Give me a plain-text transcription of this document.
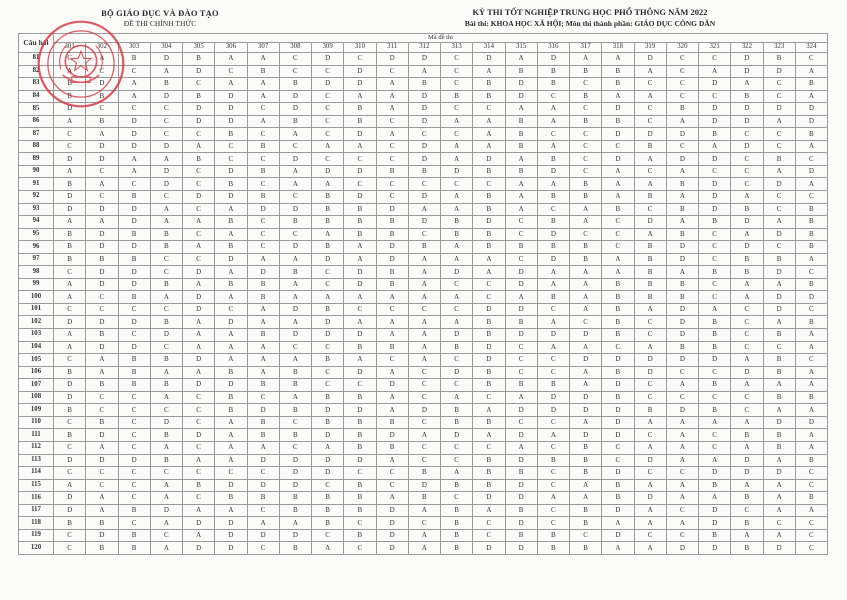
BỘ GIÁO DỤC VÀ ĐÀO TẠO
ĐỀ THI CHÍNH THỨC
KỲ THI TỐT NGHIỆP TRUNG HỌC PHỔ THÔNG NĂM 2022
Bài thi: KHOA HỌC XÃ HỘI; Môn thi thành phần: GIÁO DỤC CÔNG DÂN
Câu hỏi	Mã đề thi																							
	301	302	303	304	305	306	307	308	309	310	311	312	313	314	315	316	317	318	319	320	321	322	323	324
81	C	A	B	D	B	A	A	C	D	C	D	D	C	D	A	D	A	A	D	C	C	D	B	C
82	A	C	C	A	D	C	B	C	C	D	C	A	C	A	B	B	B	B	A	C	A	D	D	A
83	B	D	A	B	C	A	A	B	D	D	A	B	C	B	D	B	C	B	C	C	D	A	C	B
84	B	B	A	D	B	D	A	D	C	A	A	D	B	B	D	C	B	A	A	C	C	B	C	A
85	D	C	C	C	D	D	C	D	C	B	A	D	C	C	A	A	C	D	C	B	D	D	D	D
86	A	B	D	C	D	D	A	B	C	B	C	D	A	A	B	A	B	B	C	A	D	D	A	D
87	C	A	D	C	C	B	C	A	C	D	A	C	C	A	B	C	C	D	D	D	B	C	C	B
88	C	D	D	D	A	C	B	C	A	A	C	D	A	A	B	A	C	C	B	C	A	D	C	A
89	D	D	A	A	B	C	C	D	C	C	C	D	A	D	A	B	C	D	A	D	D	C	B	C
90	A	C	A	D	C	D	B	A	D	D	B	B	D	B	B	D	C	A	C	A	C	C	A	D
91	B	A	C	D	C	B	C	A	A	C	C	C	C	C	A	A	B	A	A	B	D	C	D	A
92	D	C	B	C	D	D	B	C	B	D	C	D	A	B	A	B	B	A	B	A	D	A	C	C
93	D	D	D	A	C	A	D	D	B	B	D	A	A	B	A	C	A	B	C	B	D	B	C	B
94	A	A	D	A	A	B	C	B	B	B	B	D	B	D	C	B	A	C	D	A	B	D	A	B
95	B	D	B	B	C	A	C	C	A	B	B	C	B	B	C	D	C	C	A	B	C	A	D	B
96	B	D	D	B	A	B	C	D	B	A	D	B	A	B	B	B	B	C	B	D	C	D	C	B
97	B	B	B	C	C	D	A	A	D	A	D	A	A	A	C	D	B	A	B	D	C	B	B	A
98	C	D	D	C	D	A	D	B	C	D	B	A	D	A	D	A	A	A	B	A	B	B	D	C
99	A	D	D	B	A	B	B	A	C	D	B	A	C	C	D	A	A	B	B	B	C	A	A	B
100	A	C	B	A	D	A	B	A	A	A	A	A	A	C	A	B	A	B	B	B	C	A	D	D
101	C	C	C	C	D	C	A	D	B	C	C	C	C	D	D	C	A	B	A	D	A	C	D	C
102	D	D	D	B	A	D	A	A	D	A	A	A	A	B	B	A	C	B	C	D	B	C	A	B
103	A	B	C	D	A	A	B	D	D	D	A	A	D	B	D	D	D	B	C	D	B	C	B	A
104	A	D	D	C	A	A	A	C	C	B	B	A	B	D	C	A	A	C	A	B	B	C	C	A
105	C	A	B	B	D	A	A	A	B	A	C	A	C	D	C	C	D	D	D	D	D	A	B	C
106	B	A	B	A	A	B	A	B	C	D	A	C	D	B	C	C	A	B	D	C	C	D	B	A
107	D	B	B	B	D	D	B	B	C	C	D	C	C	B	B	B	A	D	C	A	B	A	A	A
108	D	C	C	A	C	B	C	A	B	B	A	C	A	C	A	D	D	B	C	C	C	C	B	B
109	B	C	C	C	C	B	D	B	D	D	A	D	B	A	D	D	D	D	B	D	B	C	A	A
110	C	B	C	D	C	A	B	C	B	B	B	C	B	B	C	C	A	D	A	A	A	A	D	D
111	B	D	C	B	D	A	B	B	D	B	D	A	D	A	D	A	D	D	C	A	C	B	B	A
112	C	A	C	A	C	A	A	C	A	B	B	C	C	C	A	C	B	C	A	A	C	A	B	A
113	D	D	D	B	A	A	D	D	D	D	A	C	C	B	D	B	B	C	D	A	A	D	A	B
114	C	C	C	C	C	C	C	D	D	C	C	B	A	B	B	C	B	D	C	C	D	D	D	C
115	A	C	C	A	B	D	D	D	C	B	C	D	B	B	D	C	A	B	A	A	B	A	A	C
116	D	A	C	A	C	B	B	B	B	B	A	B	C	D	D	A	A	B	D	A	A	B	A	B
117	D	A	B	D	A	A	C	B	B	B	D	A	B	A	B	C	B	D	A	C	D	C	A	A
118	B	B	C	A	D	D	A	A	B	C	D	C	B	C	D	C	B	A	A	A	D	B	C	C
119	C	D	B	C	A	D	D	D	C	B	D	A	B	C	B	B	C	D	C	C	B	A	A	C
120	C	B	B	A	D	D	C	B	A	C	D	A	B	D	D	B	B	A	A	D	D	B	D	C
